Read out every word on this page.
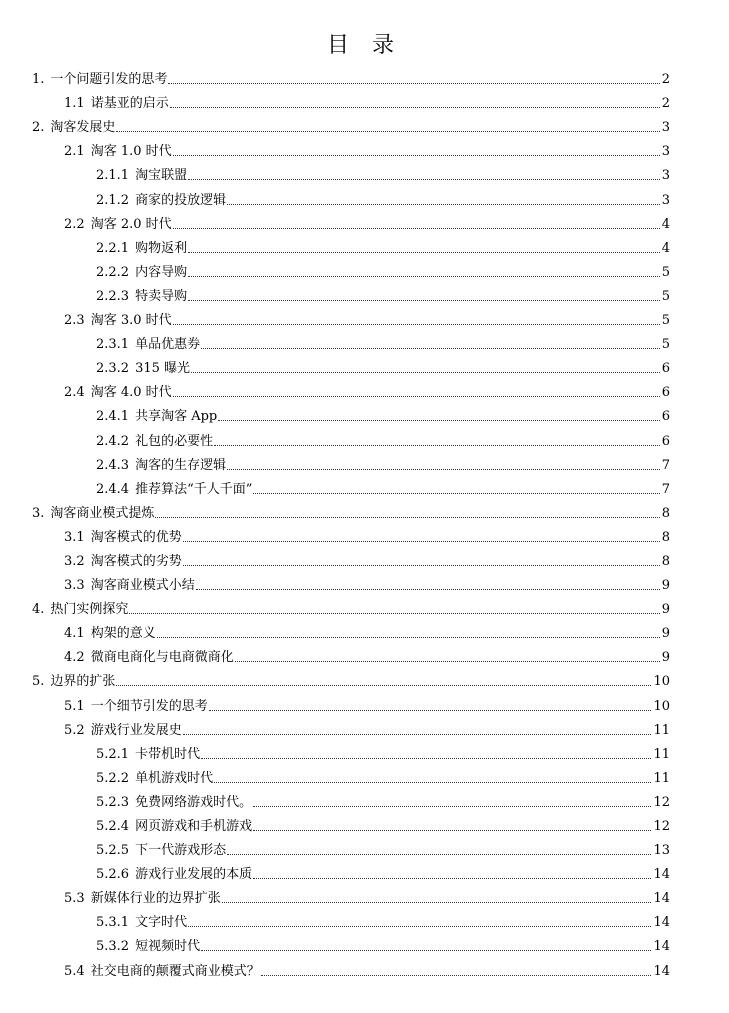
目 录
1. 一个问题引发的思考	2
1.1 诺基亚的启示	2
2. 淘客发展史	3
2.1 淘客 1.0 时代	3
2.1.1 淘宝联盟	3
2.1.2 商家的投放逻辑	3
2.2 淘客 2.0 时代	4
2.2.1 购物返利	4
2.2.2 内容导购	5
2.2.3 特卖导购	5
2.3 淘客 3.0 时代	5
2.3.1 单品优惠券	5
2.3.2 315 曝光	6
2.4 淘客 4.0 时代	6
2.4.1 共享淘客 App	6
2.4.2 礼包的必要性	6
2.4.3 淘客的生存逻辑	7
2.4.4 推荐算法“千人千面”	7
3. 淘客商业模式提炼	8
3.1 淘客模式的优势	8
3.2 淘客模式的劣势	8
3.3 淘客商业模式小结	9
4. 热门实例探究	9
4.1 构架的意义	9
4.2 微商电商化与电商微商化	9
5. 边界的扩张	10
5.1 一个细节引发的思考	10
5.2 游戏行业发展史	11
5.2.1 卡带机时代	11
5.2.2 单机游戏时代	11
5.2.3 免费网络游戏时代。	12
5.2.4 网页游戏和手机游戏	12
5.2.5 下一代游戏形态	13
5.2.6 游戏行业发展的本质	14
5.3 新媒体行业的边界扩张	14
5.3.1 文字时代	14
5.3.2 短视频时代	14
5.4 社交电商的颠覆式商业模式？	14
